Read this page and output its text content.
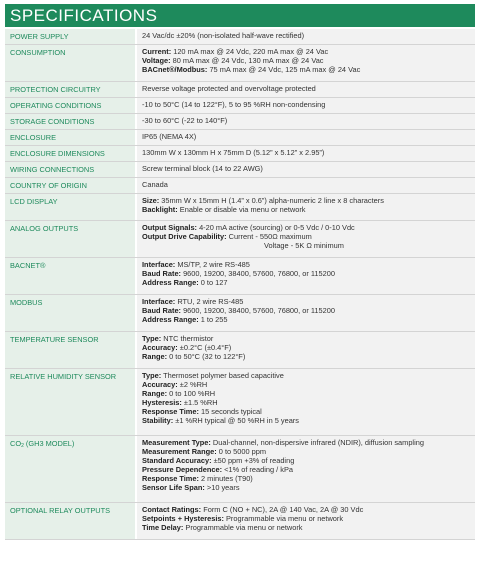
SPECIFICATIONS
POWER SUPPLY	24 Vac/dc ±20% (non-isolated half-wave rectified)
CONSUMPTION	Current: 120 mA max @ 24 Vdc, 220 mA max @ 24 Vac
Voltage: 80 mA max @ 24 Vdc, 130 mA max @ 24 Vac
BACnet®/Modbus: 75 mA max @ 24 Vdc, 125 mA max @ 24 Vac
PROTECTION CIRCUITRY	Reverse voltage protected and overvoltage protected
OPERATING CONDITIONS	-10 to 50°C (14 to 122°F), 5 to 95 %RH non-condensing
STORAGE CONDITIONS	-30 to 60°C (-22 to 140°F)
ENCLOSURE	IP65 (NEMA 4X)
ENCLOSURE DIMENSIONS	130mm W x 130mm H x 75mm D (5.12” x 5.12” x 2.95”)
WIRING CONNECTIONS	Screw terminal block (14 to 22 AWG)
COUNTRY OF ORIGIN	Canada
LCD DISPLAY	Size: 35mm W x 15mm H (1.4” x 0.6”) alpha-numeric 2 line x 8 characters
Backlight: Enable or disable via menu or network
ANALOG OUTPUTS	Output Signals: 4-20 mA active (sourcing) or 0-5 Vdc / 0-10 Vdc
Output Drive Capability: Current - 550Ω maximum
Voltage - 5K Ω minimum
BACNET®	Interface: MS/TP, 2 wire RS-485
Baud Rate: 9600, 19200, 38400, 57600, 76800, or 115200
Address Range: 0 to 127
MODBUS	Interface: RTU, 2 wire RS-485
Baud Rate: 9600, 19200, 38400, 57600, 76800, or 115200
Address Range: 1 to 255
TEMPERATURE SENSOR	Type: NTC thermistor
Accuracy: ±0.2°C (±0.4°F)
Range: 0 to 50°C (32 to 122°F)
RELATIVE HUMIDITY SENSOR	Type: Thermoset polymer based capacitive
Accuracy: ±2 %RH
Range: 0 to 100 %RH
Hysteresis: ±1.5 %RH
Response Time: 15 seconds typical
Stability: ±1 %RH typical @ 50 %RH in 5 years
$CO_2$ (GH3 MODEL)	Measurement Type: Dual-channel, non-dispersive infrared (NDIR), diffusion sampling
Measurement Range: 0 to 5000 ppm
Standard Accuracy: ±50 ppm +3% of reading
Pressure Dependence: <1% of reading / kPa
Response Time: 2 minutes (T90)
Sensor Life Span: >10 years
OPTIONAL RELAY OUTPUTS	Contact Ratings: Form C (NO + NC), 2A @ 140 Vac, 2A @ 30 Vdc
Setpoints + Hysteresis: Programmable via menu or network
Time Delay: Programmable via menu or network
